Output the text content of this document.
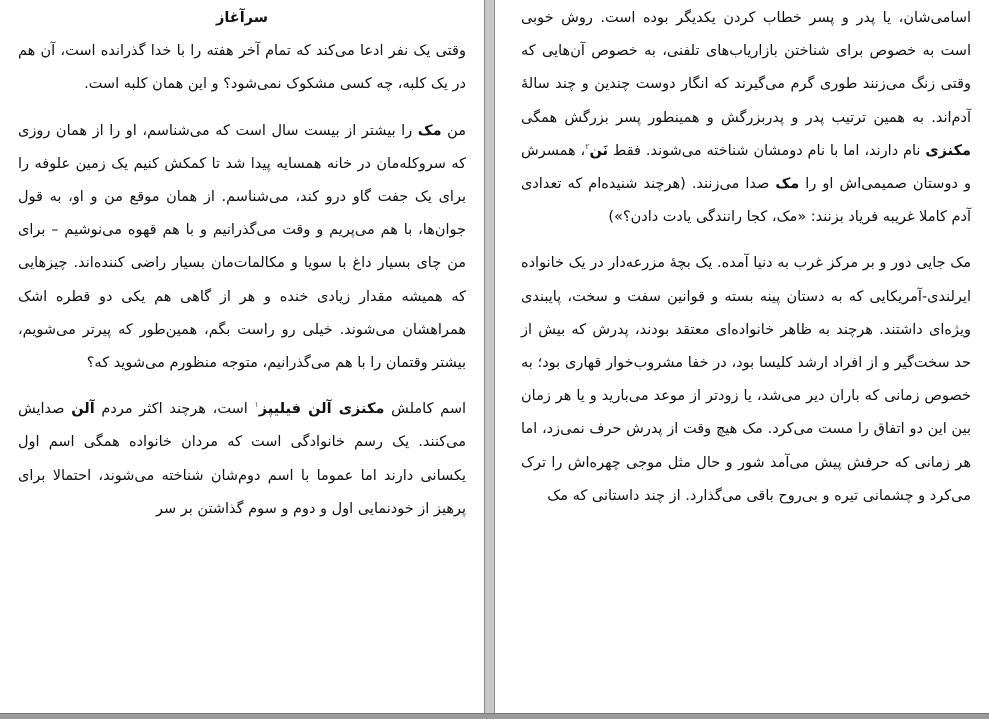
سرآغاز

وقتی یک نفر ادعا می‌کند که تمام آخر هفته را با خدا گذرانده است، آن هم در یک کلبه، چه کسی مشکوک نمی‌شود؟ و این همان کلبه است.

من مک را بیشتر از بیست سال است که می‌شناسم، او را از همان روزی که سروکله‌مان در خانه همسایه پیدا شد تا کمکش کنیم یک زمین علوفه را برای یک جفت گاو درو کند، می‌شناسم. از همان موقع من و او، به قول جوان‌ها، با هم می‌پریم و وقت می‌گذرانیم و با هم قهوه می‌نوشیم – برای من چای بسیار داغ با سویا و مکالمات‌مان بسیار راضی کننده‌اند. چیزهایی که همیشه مقدار زیادی خنده و هر از گاهی هم یکی دو قطره اشک همراهشان می‌شوند. خیلی رو راست بگم، همین‌طور که پیرتر می‌شویم، بیشتر وقتمان را با هم می‌گذرانیم، متوجه منظورم می‌شوید که؟

اسم کاملش مکنزی آلن فیلیپز$^۱$ است، هرچند اکثر مردم آلن صدایش می‌کنند. یک رسم خانوادگی است که مردان خانواده همگی اسم اول یکسانی دارند اما عموما با اسم دوم‌شان شناخته می‌شوند، احتمالا برای پرهیز از خودنمایی اول و دوم و سوم گذاشتن بر سر

اسامی‌شان، یا پدر و پسر خطاب کردن یکدیگر بوده است. روش خوبی است به خصوص برای شناختن بازاریاب‌های تلفنی، به خصوص آن‌هایی که وقتی زنگ می‌زنند طوری گرم می‌گیرند که انگار دوست چندین و چند سالهٔ آدم‌اند. به همین ترتیب پدر و پدربزرگش و همینطور پسر بزرگش همگی مکنزی نام دارند، اما با نام دومشان شناخته می‌شوند. فقط نَن$^۲$، همسرش و دوستان صمیمی‌اش او را مک صدا می‌زنند. (هرچند شنیده‌ام که تعدادی آدم کاملا غریبه فریاد بزنند: «مک، کجا رانندگی یادت دادن؟»)

مک جایی دور و بر مرکز غرب به دنیا آمده. یک بچهٔ مزرعه‌دار در یک خانواده ایرلندی-آمریکایی که به دستان پینه بسته و قوانین سفت و سخت، پایبندی ویژه‌ای داشتند. هرچند به ظاهر خانواده‌ای معتقد بودند، پدرش که بیش از حد سخت‌گیر و از افراد ارشد کلیسا بود، در خفا مشروب‌خوار قهاری بود؛ به خصوص زمانی که باران دیر می‌شد، یا زودتر از موعد می‌بارید و یا هر زمان بین این دو اتفاق را مست می‌کرد. مک هیچ وقت از پدرش حرف نمی‌زد، اما هر زمانی که حرفش پیش می‌آمد شور و حال مثل موجی چهره‌اش را ترک می‌کرد و چشمانی تیره و بی‌روح باقی می‌گذارد. از چند داستانی که مک
